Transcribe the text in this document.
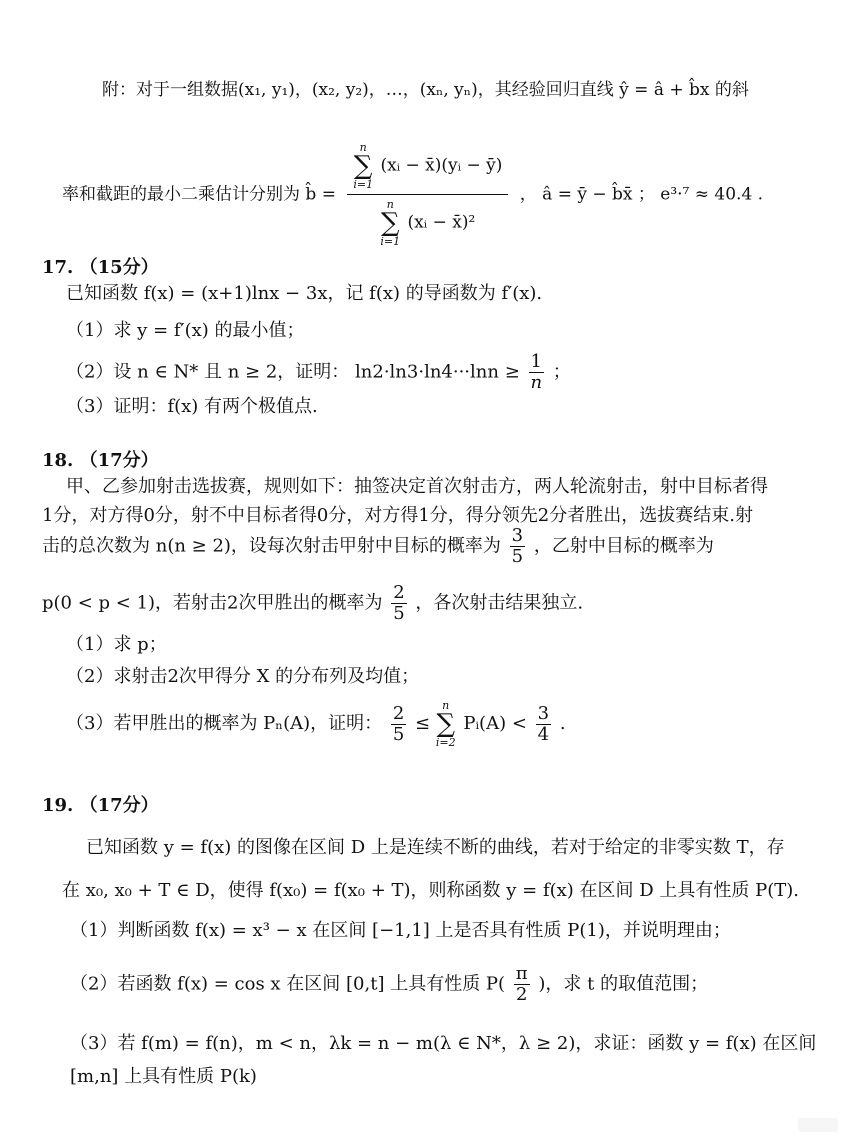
附：对于一组数据(x₁, y₁)，(x₂, y₂)，…，(xₙ, yₙ)，其经验回归直线 ŷ = â + b̂x 的斜
率和截距的最小二乘估计分别为 b̂ =
n
∑
i=1
(xᵢ − x̄)(yᵢ − ȳ)
n
∑
i=1
(xᵢ − x̄)²
， â = ȳ − b̂x̄ ； e³·⁷ ≈ 40.4 .
17. （15分）
已知函数 f(x) = (x+1)lnx − 3x，记 f(x) 的导函数为 f′(x).
（1）求 y = f′(x) 的最小值；
（2）设 n ∈ N* 且 n ≥ 2，证明： $\ln 2\cdot\ln 3\cdot\ln 4\cdot\cdot\cdot\ln n \ge \frac{1}{n}$ ；
（3）证明：f(x) 有两个极值点.
18. （17分）
甲、乙参加射击选拔赛，规则如下：抽签决定首次射击方，两人轮流射击，射中目标者得
1分，对方得0分，射不中目标者得0分，对方得1分，得分领先2分者胜出，选拔赛结束.射
击的总次数为 n(n ≥ 2)，设每次射击甲射中目标的概率为 $\frac{3}{5}$ ，乙射中目标的概率为
p(0 < p < 1)，若射击2次甲胜出的概率为 $\frac{2}{5}$ ，各次射击结果独立.
（1）求 p；
（2）求射击2次甲得分 X 的分布列及均值；
（3）若甲胜出的概率为 Pₙ(A)，证明： $\frac{2}{5}$ ≤
n
∑
i=2
Pᵢ(A) < $\frac{3}{4}$ .
19. （17分）
已知函数 y = f(x) 的图像在区间 D 上是连续不断的曲线，若对于给定的非零实数 T，存
在 x₀, x₀ + T ∈ D，使得 f(x₀) = f(x₀ + T)，则称函数 y = f(x) 在区间 D 上具有性质 P(T).
（1）判断函数 f(x) = x³ − x 在区间 [−1,1] 上是否具有性质 P(1)，并说明理由；
（2）若函数 f(x) = cos x 在区间 [0,t] 上具有性质 $P( \frac{\pi}{2}$ )，求 t 的取值范围；
（3）若 f(m) = f(n)，m < n，λk = n − m(λ ∈ N*，λ ≥ 2)，求证：函数 y = f(x) 在区间
[m,n] 上具有性质 P(k)
